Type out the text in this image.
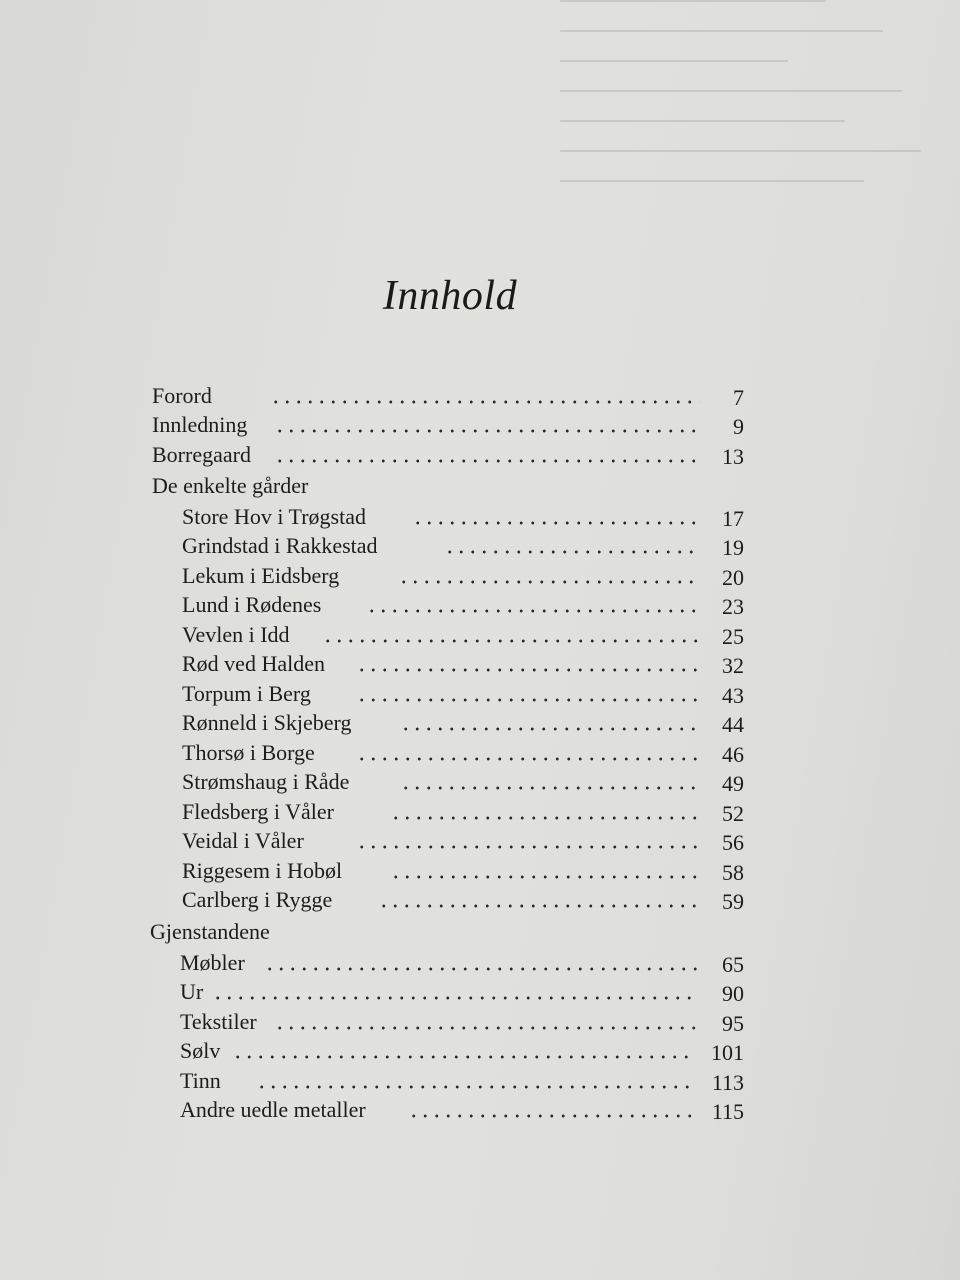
Innhold
Forord	7
Innledning	9
Borregaard	13
De enkelte gårder
Store Hov i Trøgstad	17
Grindstad i Rakkestad	19
Lekum i Eidsberg	20
Lund i Rødenes	23
Vevlen i Idd	25
Rød ved Halden	32
Torpum i Berg	43
Rønneld i Skjeberg	44
Thorsø i Borge	46
Strømshaug i Råde	49
Fledsberg i Våler	52
Veidal i Våler	56
Riggesem i Hobøl	58
Carlberg i Rygge	59
Gjenstandene
Møbler	65
Ur	90
Tekstiler	95
Sølv	101
Tinn	113
Andre uedle metaller	115
